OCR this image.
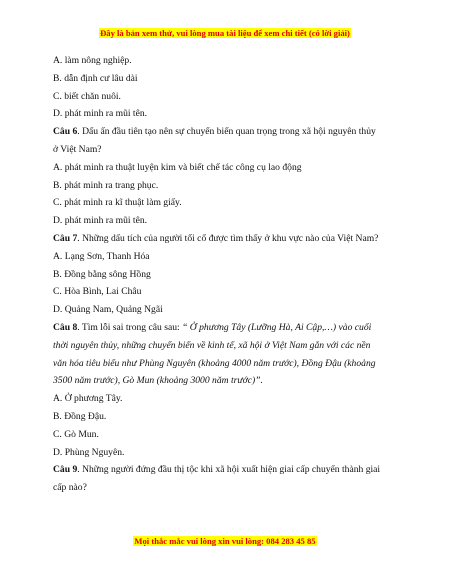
Đây là bản xem thử, vui lòng mua tài liệu để xem chi tiết (có lời giải)

A. làm nông nghiệp.

B. dẫn định cư lâu dài

C. biết chăn nuôi.

D. phát minh ra mũi tên.

Câu 6. Dấu ấn đầu tiên tạo nên sự chuyển biến quan trọng trong xã hội nguyên thủy ở Việt Nam?

A. phát minh ra thuật luyện kim và biết chế tác công cụ lao động

B. phát minh ra trang phục.

C. phát minh ra kĩ thuật làm giấy.

D. phát minh ra mũi tên.

Câu 7. Những dấu tích của người tối cổ được tìm thấy ở khu vực nào của Việt Nam?

A. Lạng Sơn, Thanh Hóa

B. Đồng bằng sông Hồng

C. Hòa Bình, Lai Châu

D. Quảng Nam, Quảng Ngãi

Câu 8. Tìm lỗi sai trong câu sau: “ Ở phương Tây (Lưỡng Hà, Ai Cập,…) vào cuối thời nguyên thủy, những chuyển biến về kinh tế, xã hội ở Việt Nam gắn với các nền văn hóa tiêu biểu như Phùng Nguyên (khoảng 4000 năm trước), Đồng Đậu (khoảng 3500 năm trước), Gò Mun (khoảng 3000 năm trước)”.

A. Ở phương Tây.

B. Đồng Đậu.

C. Gò Mun.

D. Phùng Nguyên.

Câu 9. Những người đứng đầu thị tộc khi xã hội xuất hiện giai cấp chuyển thành giai cấp nào?

Mọi thắc mắc vui lòng xin vui lòng: 084 283 45 85
